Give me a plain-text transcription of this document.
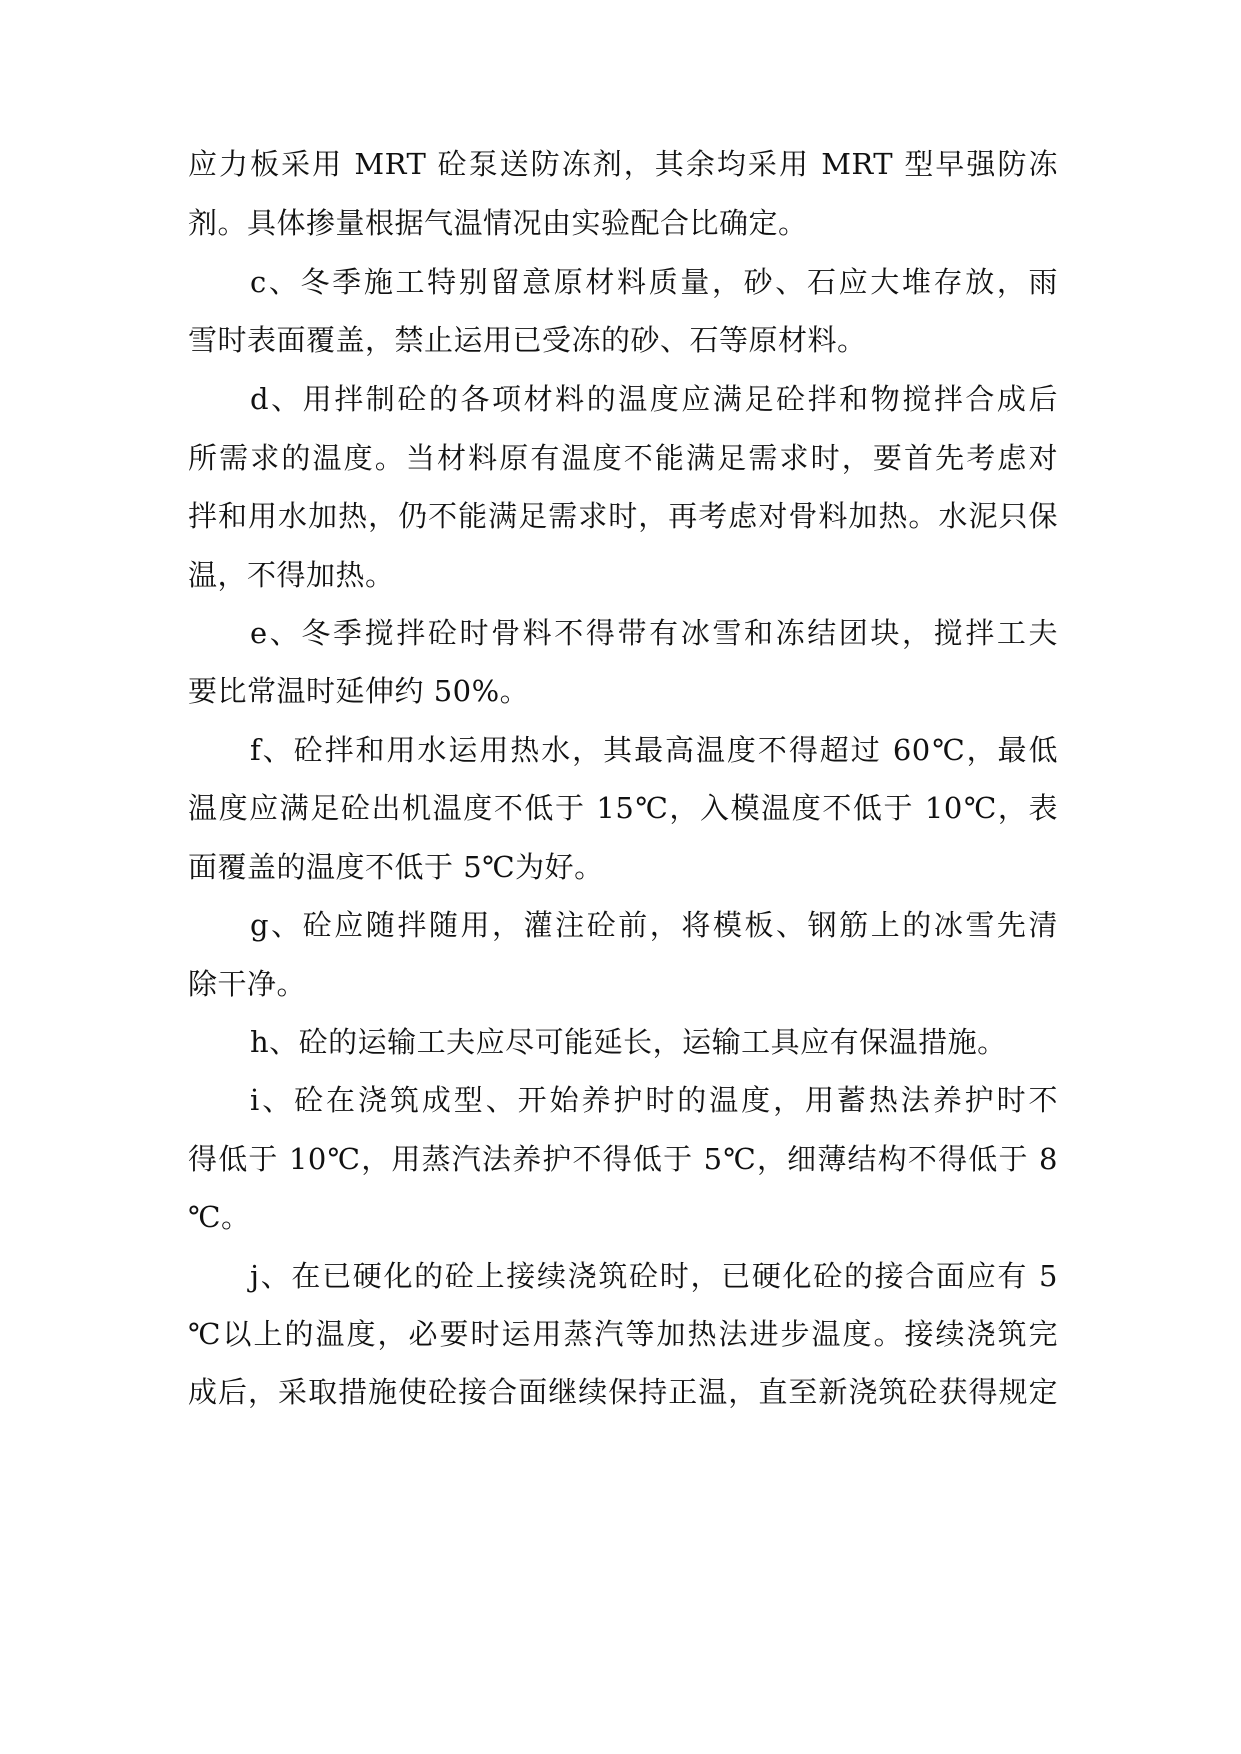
应力板采用 MRT 砼泵送防冻剂，其余均采用 MRT 型早强防冻
剂。具体掺量根据气温情况由实验配合比确定。
c、冬季施工特别留意原材料质量，砂、石应大堆存放，雨
雪时表面覆盖，禁止运用已受冻的砂、石等原材料。
d、用拌制砼的各项材料的温度应满足砼拌和物搅拌合成后
所需求的温度。当材料原有温度不能满足需求时，要首先考虑对
拌和用水加热，仍不能满足需求时，再考虑对骨料加热。水泥只保
温，不得加热。
e、冬季搅拌砼时骨料不得带有冰雪和冻结团块，搅拌工夫
要比常温时延伸约 50%。
f、砼拌和用水运用热水，其最高温度不得超过 60℃，最低
温度应满足砼出机温度不低于 15℃，入模温度不低于 10℃，表
面覆盖的温度不低于 5℃为好。
g、砼应随拌随用，灌注砼前，将模板、钢筋上的冰雪先清
除干净。
h、砼的运输工夫应尽可能延长，运输工具应有保温措施。
i、砼在浇筑成型、开始养护时的温度，用蓄热法养护时不
得低于 10℃，用蒸汽法养护不得低于 5℃，细薄结构不得低于 8
℃。
j、在已硬化的砼上接续浇筑砼时，已硬化砼的接合面应有 5
℃以上的温度，必要时运用蒸汽等加热法进步温度。接续浇筑完
成后，采取措施使砼接合面继续保持正温，直至新浇筑砼获得规定
